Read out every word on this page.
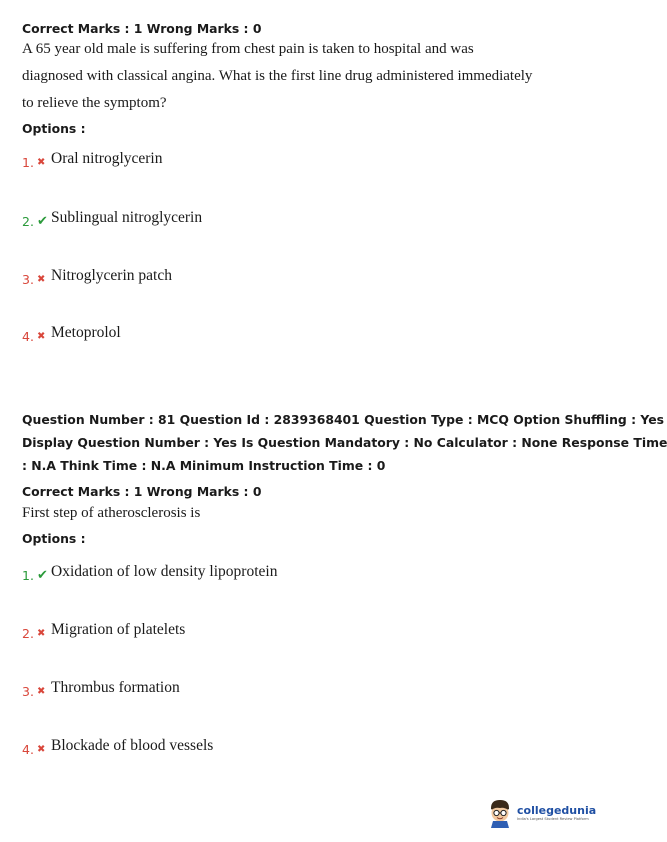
Correct Marks : 1 Wrong Marks : 0
A 65 year old male is suffering from chest pain is taken to hospital and was
diagnosed with classical angina. What is the first line drug administered immediately
to relieve the symptom?
Options :
1. ✖ Oral nitroglycerin
2. ✔ Sublingual nitroglycerin
3. ✖ Nitroglycerin patch
4. ✖ Metoprolol
Question Number : 81 Question Id : 2839368401 Question Type : MCQ Option Shuffling : Yes
Display Question Number : Yes Is Question Mandatory : No Calculator : None Response Time
: N.A Think Time : N.A Minimum Instruction Time : 0
Correct Marks : 1 Wrong Marks : 0
First step of atherosclerosis is
Options :
1. ✔ Oxidation of low density lipoprotein
2. ✖ Migration of platelets
3. ✖ Thrombus formation
4. ✖ Blockade of blood vessels
collegedunia
India's Largest Student Review Platform
